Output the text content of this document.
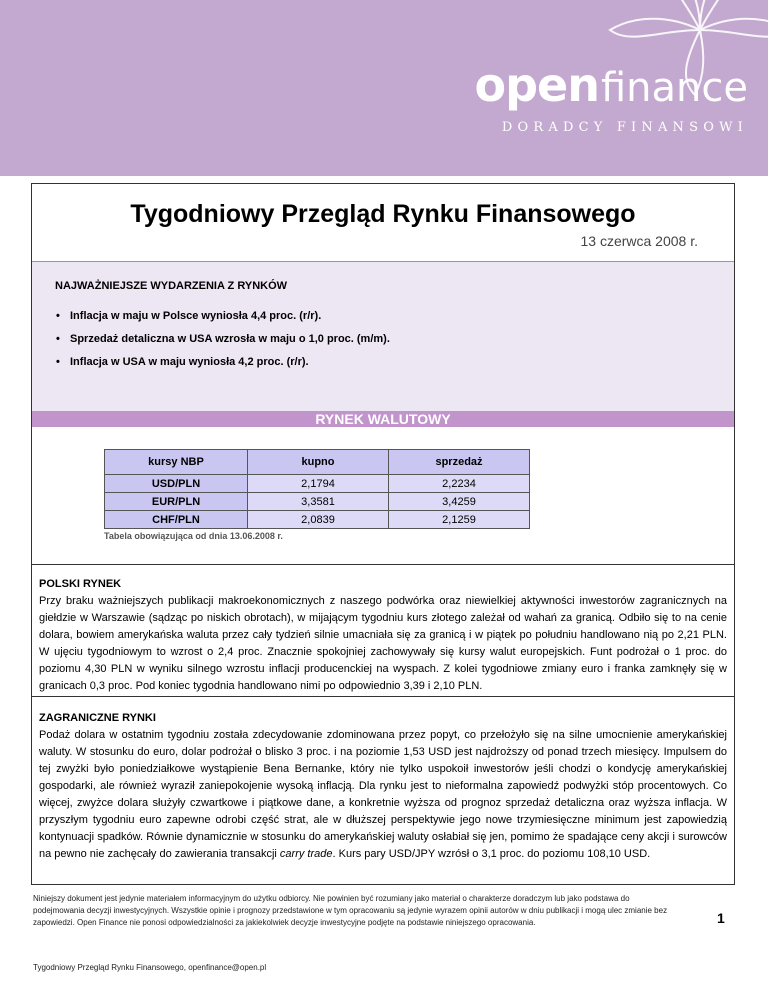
openfinance
DORADCY FINANSOWI
Tygodniowy Przegląd Rynku Finansowego
13 czerwca 2008 r.
NAJWAŻNIEJSZE WYDARZENIA Z RYNKÓW
• Inflacja w maju w Polsce wyniosła 4,4 proc. (r/r).
• Sprzedaż detaliczna w USA wzrosła w maju o 1,0 proc. (m/m).
• Inflacja w USA w maju wyniosła 4,2 proc. (r/r).
RYNEK WALUTOWY
kursy NBP	kupno	sprzedaż
USD/PLN	2,1794	2,2234
EUR/PLN	3,3581	3,4259
CHF/PLN	2,0839	2,1259
Tabela obowiązująca od dnia 13.06.2008 r.
POLSKI RYNEK
Przy braku ważniejszych publikacji makroekonomicznych z naszego podwórka oraz niewielkiej aktywności inwestorów zagranicznych na giełdzie w Warszawie (sądząc po niskich obrotach), w mijającym tygodniu kurs złotego zależał od wahań za granicą. Odbiło się to na cenie dolara, bowiem amerykańska waluta przez cały tydzień silnie umacniała się za granicą i w piątek po południu handlowano nią po 2,21 PLN. W ujęciu tygodniowym to wzrost o 2,4 proc. Znacznie spokojniej zachowywały się kursy walut europejskich. Funt podrożał o 1 proc. do poziomu 4,30 PLN w wyniku silnego wzrostu inflacji producenckiej na wyspach. Z kolei tygodniowe zmiany euro i franka zamknęły się w granicach 0,3 proc. Pod koniec tygodnia handlowano nimi po odpowiednio 3,39 i 2,10 PLN.
ZAGRANICZNE RYNKI
Podaż dolara w ostatnim tygodniu została zdecydowanie zdominowana przez popyt, co przełożyło się na silne umocnienie amerykańskiej waluty. W stosunku do euro, dolar podrożał o blisko 3 proc. i na poziomie 1,53 USD jest najdroższy od ponad trzech miesięcy. Impulsem do tej zwyżki było poniedziałkowe wystąpienie Bena Bernanke, który nie tylko uspokoił inwestorów jeśli chodzi o kondycję amerykańskiej gospodarki, ale również wyraził zaniepokojenie wysoką inflacją. Dla rynku jest to nieformalna zapowiedź podwyżki stóp procentowych. Co więcej, zwyżce dolara służyły czwartkowe i piątkowe dane, a konkretnie wyższa od prognoz sprzedaż detaliczna oraz wyższa inflacja. W przyszłym tygodniu euro zapewne odrobi część strat, ale w dłuższej perspektywie jego nowe trzymiesięczne minimum jest zapowiedzią kontynuacji spadków. Równie dynamicznie w stosunku do amerykańskiej waluty osłabiał się jen, pomimo że spadające ceny akcji i surowców na pewno nie zachęcały do zawierania transakcji carry trade. Kurs pary USD/JPY wzrósł o 3,1 proc. do poziomu 108,10 USD.
Niniejszy dokument jest jedynie materiałem informacyjnym do użytku odbiorcy. Nie powinien być rozumiany jako materiał o charakterze doradczym lub jako podstawa do podejmowania decyzji inwestycyjnych. Wszystkie opinie i prognozy przedstawione w tym opracowaniu są jedynie wyrazem opinii autorów w dniu publikacji i mogą ulec zmianie bez zapowiedzi. Open Finance nie ponosi odpowiedzialności za jakiekolwiek decyzje inwestycyjne podjęte na podstawie niniejszego opracowania.	1
Tygodniowy Przegląd Rynku Finansowego, openfinance@open.pl
